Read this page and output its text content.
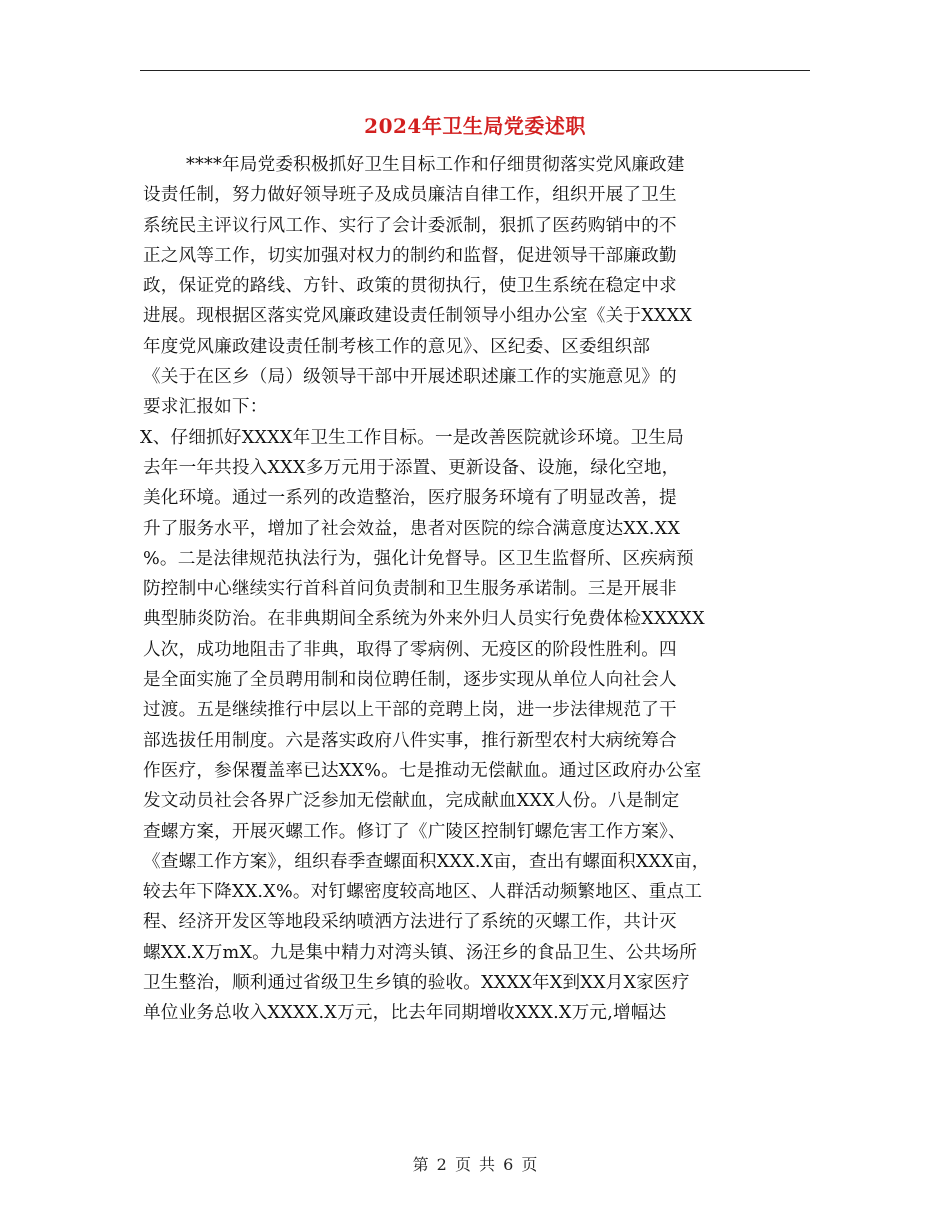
2024年卫生局党委述职
****年局党委积极抓好卫生目标工作和仔细贯彻落实党风廉政建
设责任制，努力做好领导班子及成员廉洁自律工作，组织开展了卫生
系统民主评议行风工作、实行了会计委派制，狠抓了医药购销中的不
正之风等工作，切实加强对权力的制约和监督，促进领导干部廉政勤
政，保证党的路线、方针、政策的贯彻执行，使卫生系统在稳定中求
进展。现根据区落实党风廉政建设责任制领导小组办公室《关于XXXX
年度党风廉政建设责任制考核工作的意见》、区纪委、区委组织部
《关于在区乡（局）级领导干部中开展述职述廉工作的实施意见》的
要求汇报如下：
X、仔细抓好XXXX年卫生工作目标。一是改善医院就诊环境。卫生局
去年一年共投入XXX多万元用于添置、更新设备、设施，绿化空地，
美化环境。通过一系列的改造整治，医疗服务环境有了明显改善，提
升了服务水平，增加了社会效益，患者对医院的综合满意度达XX.XX
%。二是法律规范执法行为，强化计免督导。区卫生监督所、区疾病预
防控制中心继续实行首科首问负责制和卫生服务承诺制。三是开展非
典型肺炎防治。在非典期间全系统为外来外归人员实行免费体检XXXXX
人次，成功地阻击了非典，取得了零病例、无疫区的阶段性胜利。四
是全面实施了全员聘用制和岗位聘任制，逐步实现从单位人向社会人
过渡。五是继续推行中层以上干部的竞聘上岗，进一步法律规范了干
部选拔任用制度。六是落实政府八件实事，推行新型农村大病统筹合
作医疗，参保覆盖率已达XX%。七是推动无偿献血。通过区政府办公室
发文动员社会各界广泛参加无偿献血，完成献血XXX人份。八是制定
查螺方案，开展灭螺工作。修订了《广陵区控制钉螺危害工作方案》、
《查螺工作方案》，组织春季查螺面积XXX.X亩，查出有螺面积XXX亩，
较去年下降XX.X%。对钉螺密度较高地区、人群活动频繁地区、重点工
程、经济开发区等地段采纳喷洒方法进行了系统的灭螺工作，共计灭
螺XX.X万mX。九是集中精力对湾头镇、汤汪乡的食品卫生、公共场所
卫生整治，顺利通过省级卫生乡镇的验收。XXXX年X到XX月X家医疗
单位业务总收入XXXX.X万元，比去年同期增收XXX.X万元,增幅达
第 2 页 共 6 页
